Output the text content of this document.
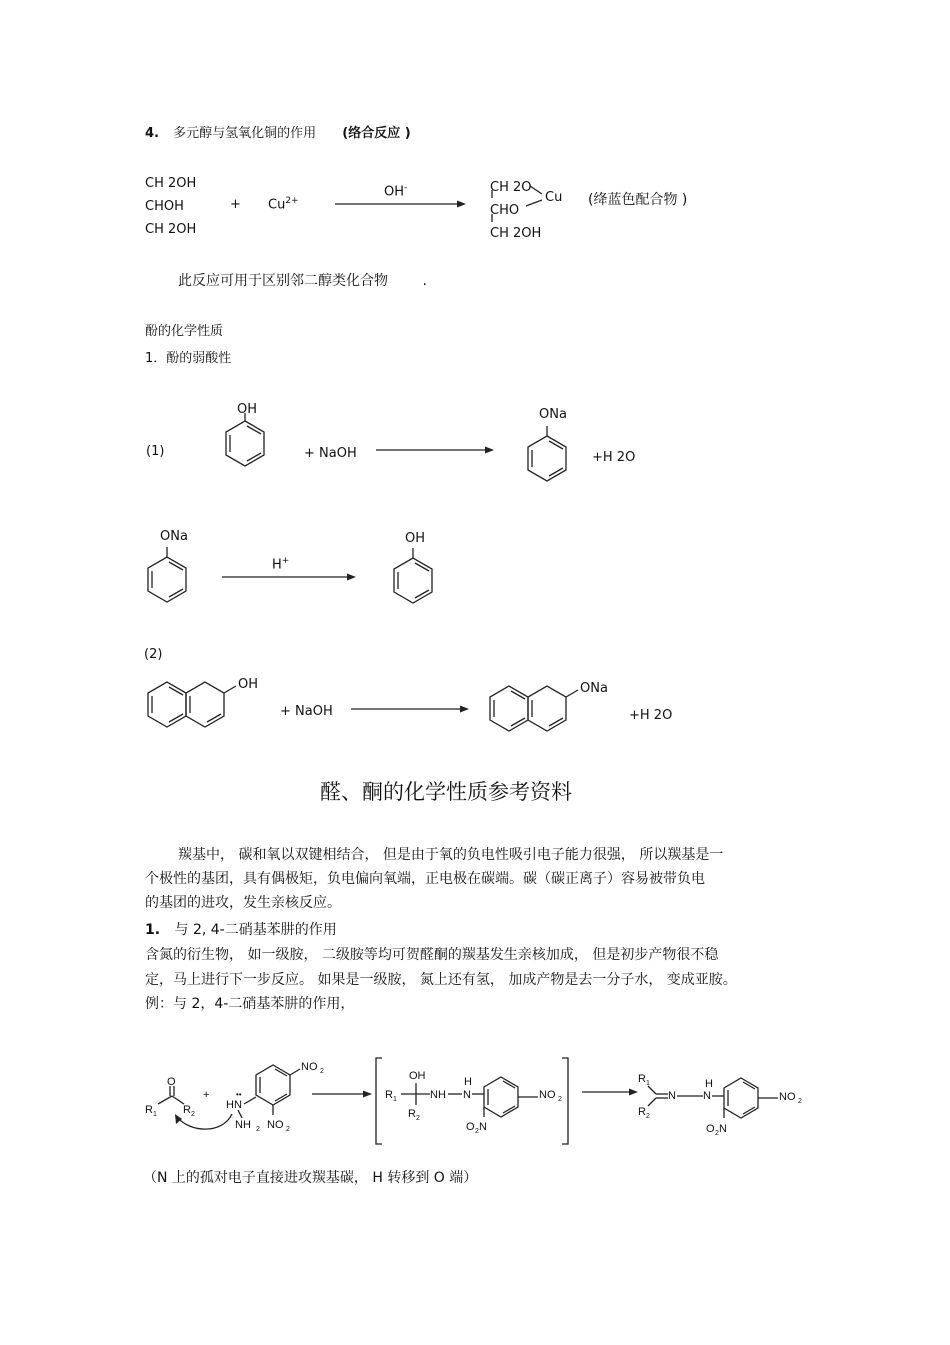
4. 多元醇与氢氧化铜的作用 (络合反应 )
CH 2OH
CHOH
CH 2OH
+ $Cu^{2+}$
OH-	CH 2O
CHO
CH 2OH
Cu (绛蓝色配合物 )
此反应可用于区别邻二醇类化合物 .
酚的化学性质
1．酚的弱酸性
(1)
OH
+ NaOH
ONa
+H 2O
ONa
H+
OH
(2)
OH
+ NaOH
ONa
+H 2O
醛、酮的化学性质参考资料
羰基中， 碳和氧以双键相结合， 但是由于氧的负电性吸引电子能力很强， 所以羰基是一
个极性的基团，具有偶极矩，负电偏向氧端，正电极在碳端。碳（碳正离子）容易被带负电
的基团的进攻，发生亲核反应。
1. 与 2, 4-二硝基苯肼的作用
含氮的衍生物， 如一级胺， 二级胺等均可贺醛酮的羰基发生亲核加成， 但是初步产物很不稳
定，马上进行下一步反应。 如果是一级胺， 氮上还有氢， 加成产物是去一分子水， 变成亚胺。
例：与 2，4-二硝基苯肼的作用，
O
R 1 R 2
+	••
HN
NH 2
NO 2
NO 2
OH
R 1
R 2
NH
H
N	NO 2
O 2 N
R 1
R 2
N
H
N	NO 2
O 2 N
（N 上的孤对电子直接进攻羰基碳， H 转移到 O 端）
